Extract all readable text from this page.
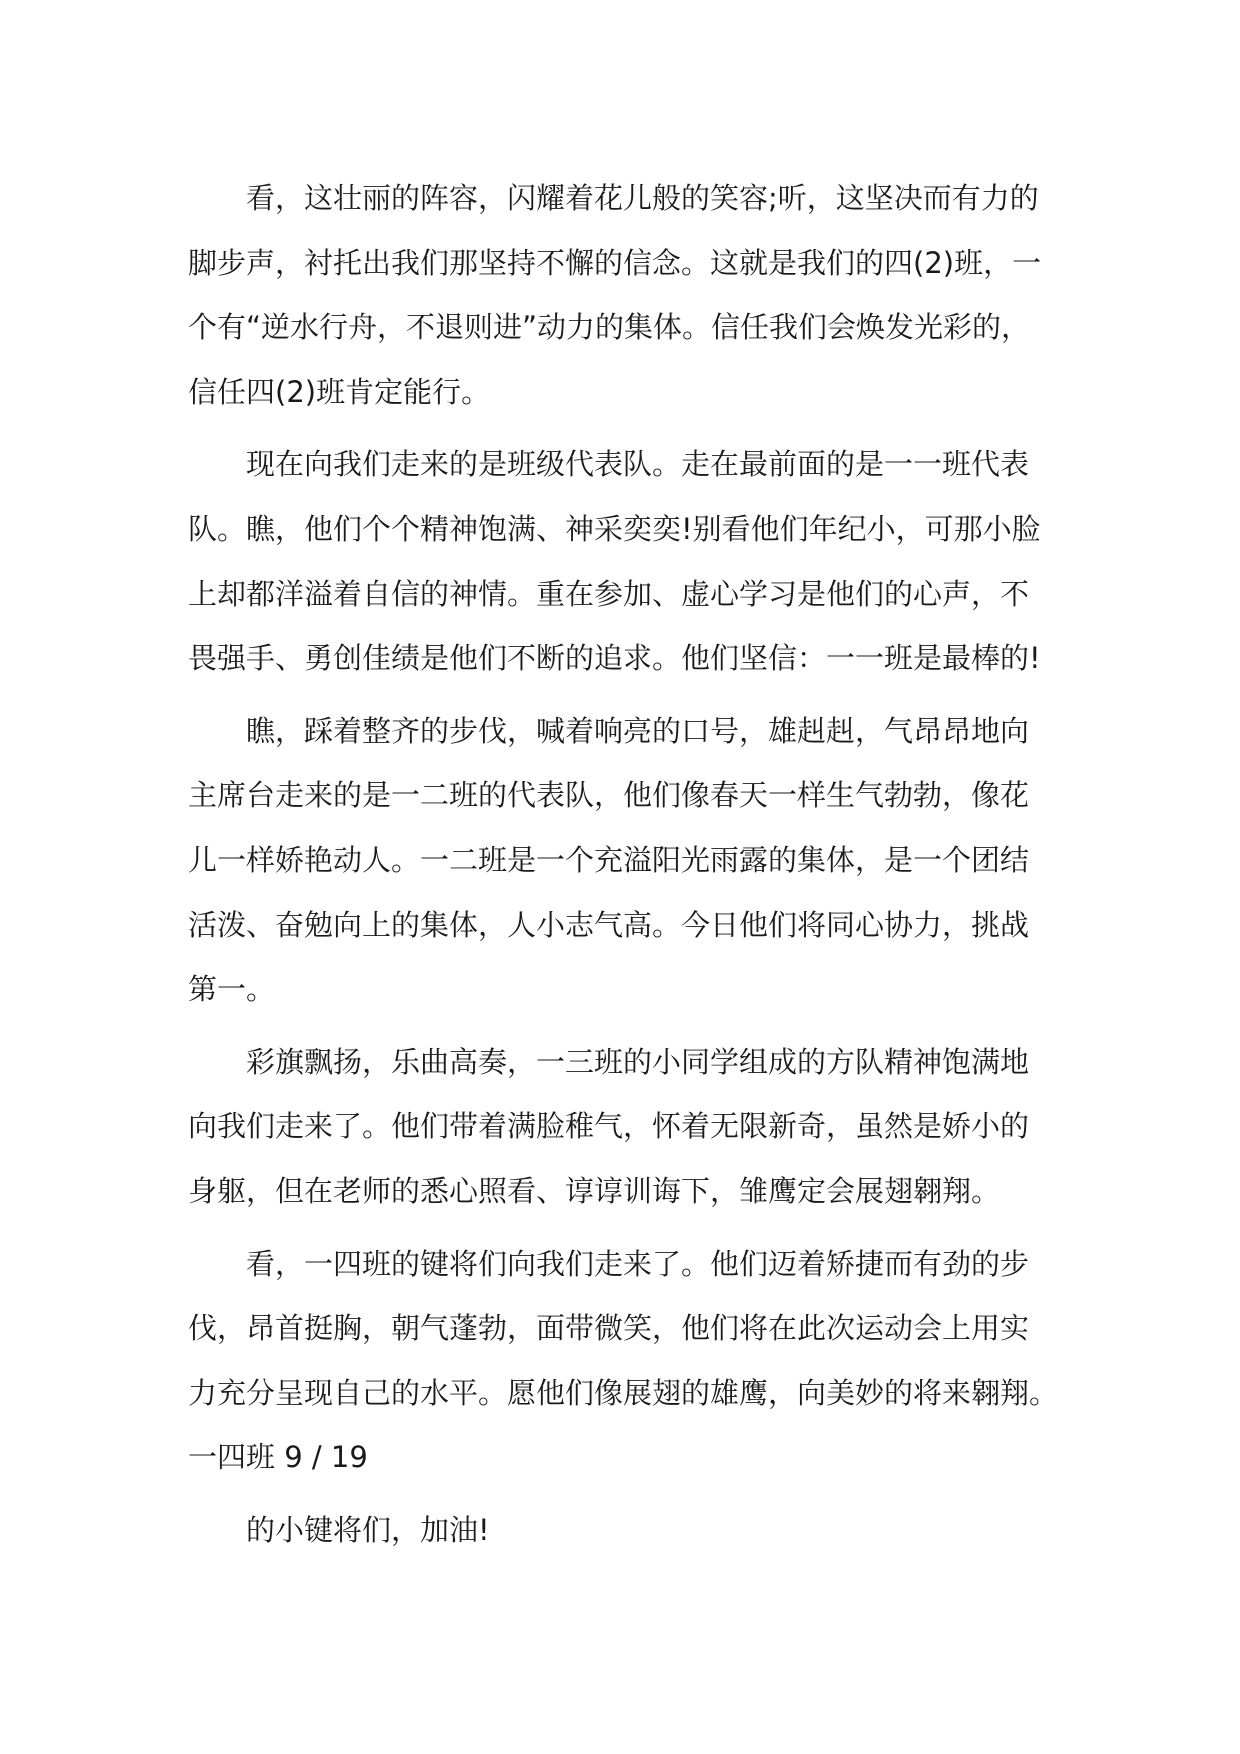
看，这壮丽的阵容，闪耀着花儿般的笑容;听，这坚决而有力的
脚步声，衬托出我们那坚持不懈的信念。这就是我们的四(2)班，一
个有“逆水行舟，不退则进”动力的集体。信任我们会焕发光彩的，
信任四(2)班肯定能行。

现在向我们走来的是班级代表队。走在最前面的是一一班代表
队。瞧，他们个个精神饱满、神采奕奕!别看他们年纪小，可那小脸
上却都洋溢着自信的神情。重在参加、虚心学习是他们的心声，不
畏强手、勇创佳绩是他们不断的追求。他们坚信：一一班是最棒的!

瞧，踩着整齐的步伐，喊着响亮的口号，雄赳赳，气昂昂地向
主席台走来的是一二班的代表队，他们像春天一样生气勃勃，像花
儿一样娇艳动人。一二班是一个充溢阳光雨露的集体，是一个团结
活泼、奋勉向上的集体，人小志气高。今日他们将同心协力，挑战
第一。

彩旗飘扬，乐曲高奏，一三班的小同学组成的方队精神饱满地
向我们走来了。他们带着满脸稚气，怀着无限新奇，虽然是娇小的
身躯，但在老师的悉心照看、谆谆训诲下，雏鹰定会展翅翱翔。

看，一四班的键将们向我们走来了。他们迈着矫捷而有劲的步
伐，昂首挺胸，朝气蓬勃，面带微笑，他们将在此次运动会上用实
力充分呈现自己的水平。愿他们像展翅的雄鹰，向美妙的将来翱翔。
一四班 9 / 19

的小键将们，加油!
